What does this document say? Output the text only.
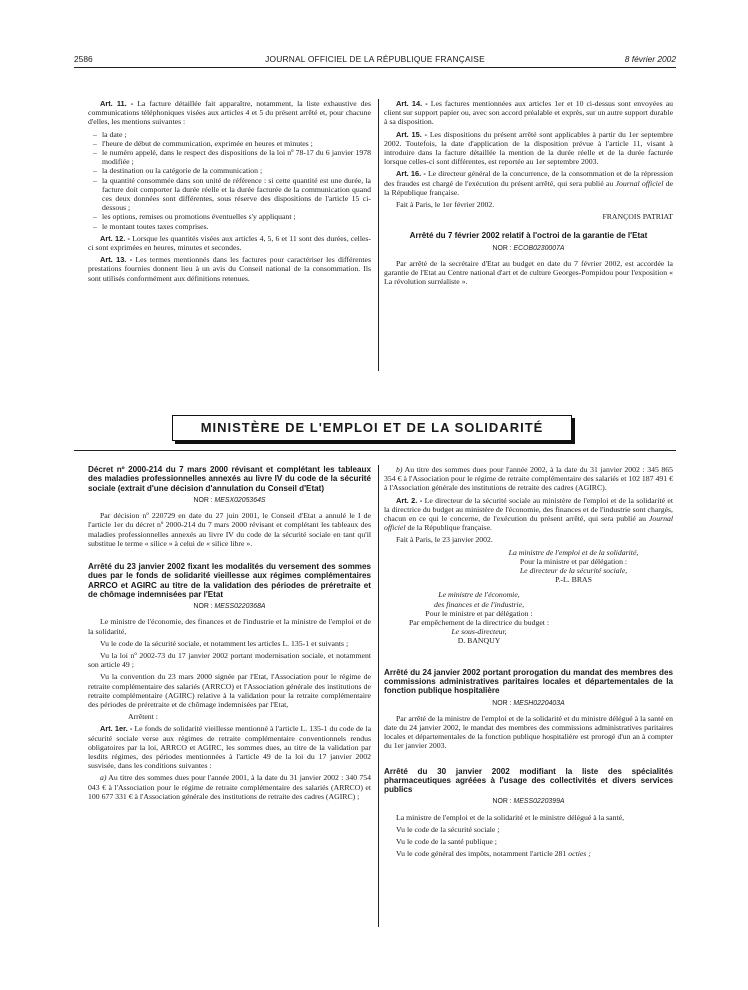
2586	JOURNAL OFFICIEL DE LA RÉPUBLIQUE FRANÇAISE	8 février 2002

Art. 11. - La facture détaillée fait apparaître, notamment, la liste exhaustive des communications téléphoniques visées aux articles 4 et 5 du présent arrêté et, pour chacune d'elles, les mentions suivantes :

– la date ;
– l'heure de début de communication, exprimée en heures et minutes ;
– le numéro appelé, dans le respect des dispositions de la loi nº 78-17 du 6 janvier 1978 modifiée ;
– la destination ou la catégorie de la communication ;
– la quantité consommée dans son unité de référence : si cette quantité est une durée, la facture doit comporter la durée réelle et la durée facturée de la communication quand ces deux données sont différentes, sous réserve des dispositions de l'article 15 ci-dessous ;
– les options, remises ou promotions éventuelles s'y appliquant ;
– le montant toutes taxes comprises.

Art. 12. - Lorsque les quantités visées aux articles 4, 5, 6 et 11 sont des durées, celles-ci sont exprimées en heures, minutes et secondes.

Art. 13. - Les termes mentionnés dans les factures pour caractériser les différentes prestations fournies donnent lieu à un avis du Conseil national de la consommation. Ils sont utilisés conformément aux définitions retenues.

Art. 14. - Les factures mentionnées aux articles 1er et 10 ci-dessus sont envoyées au client sur support papier ou, avec son accord préalable et exprès, sur un autre support durable à sa disposition.

Art. 15. - Les dispositions du présent arrêté sont applicables à partir du 1er septembre 2002. Toutefois, la date d'application de la disposition prévue à l'article 11, visant à introduire dans la facture détaillée la mention de la durée réelle et de la durée facturée lorsque celles-ci sont différentes, est reportée au 1er septembre 2003.

Art. 16. - Le directeur général de la concurrence, de la consommation et de la répression des fraudes est chargé de l'exécution du présent arrêté, qui sera publié au Journal officiel de la République française.

Fait à Paris, le 1er février 2002.

FRANÇOIS PATRIAT

Arrêté du 7 février 2002 relatif à l'octroi de la garantie de l'Etat
NOR : ECOB0230007A

Par arrêté de la secrétaire d'Etat au budget en date du 7 février 2002, est accordée la garantie de l'Etat au Centre national d'art et de culture Georges-Pompidou pour l'exposition « La révolution surréaliste ».

MINISTÈRE DE L'EMPLOI ET DE LA SOLIDARITÉ
Décret nº 2000-214 du 7 mars 2000 révisant et complétant les tableaux des maladies professionnelles annexés au livre IV du code de la sécurité sociale (extrait d'une décision d'annulation du Conseil d'Etat)
NOR : MESX0205364S

Par décision nº 220729 en date du 27 juin 2001, le Conseil d'Etat a annulé le I de l'article 1er du décret nº 2000-214 du 7 mars 2000 révisant et complétant les tableaux des maladies professionnelles annexés au livre IV du code de la sécurité sociale en tant qu'il substitue le terme « silice » à celui de « silice libre ».

Arrêté du 23 janvier 2002 fixant les modalités du versement des sommes dues par le fonds de solidarité vieillesse aux régimes complémentaires ARRCO et AGIRC au titre de la validation des périodes de préretraite et de chômage indemnisées par l'Etat
NOR : MESS0220368A

Le ministre de l'économie, des finances et de l'industrie et la ministre de l'emploi et de la solidarité,

Vu le code de la sécurité sociale, et notamment les articles L. 135-1 et suivants ;

Vu la loi nº 2002-73 du 17 janvier 2002 portant modernisation sociale, et notamment son article 49 ;

Vu la convention du 23 mars 2000 signée par l'Etat, l'Association pour le régime de retraite complémentaire des salariés (ARRCO) et l'Association générale des institutions de retraite complémentaire (AGIRC) relative à la validation pour la retraite complémentaire des périodes de préretraite et de chômage indemnisées par l'Etat,

Arrêtent :

Art. 1er. - Le fonds de solidarité vieillesse mentionné à l'article L. 135-1 du code de la sécurité sociale verse aux régimes de retraite complémentaire conventionnels rendus obligatoires par la loi, ARRCO et AGIRC, les sommes dues, au titre de la validation par lesdits régimes, des périodes mentionnées à l'article 49 de la loi du 17 janvier 2002 susvisée, dans les conditions suivantes :

a) Au titre des sommes dues pour l'année 2001, à la date du 31 janvier 2002 : 340 754 043 € à l'Association pour le régime de retraite complémentaire des salariés (ARRCO) et 100 677 331 € à l'Association générale des institutions de retraite des cadres (AGIRC) ;

b) Au titre des sommes dues pour l'année 2002, à la date du 31 janvier 2002 : 345 865 354 € à l'Association pour le régime de retraite complémentaire des salariés et 102 187 491 € à l'Association générale des institutions de retraite des cadres (AGIRC).

Art. 2. - Le directeur de la sécurité sociale au ministère de l'emploi et de la solidarité et la directrice du budget au ministère de l'économie, des finances et de l'industrie sont chargés, chacun en ce qui le concerne, de l'exécution du présent arrêté, qui sera publié au Journal officiel de la République française.

Fait à Paris, le 23 janvier 2002.

La ministre de l'emploi et de la solidarité,
Pour la ministre et par délégation :
Le directeur de la sécurité sociale,
P.-L. BRAS
Le ministre de l'économie,
des finances et de l'industrie,
Pour le ministre et par délégation :
Par empêchement de la directrice du budget :
Le sous-directeur,
D. BANQUY
Arrêté du 24 janvier 2002 portant prorogation du mandat des membres des commissions administratives paritaires locales et départementales de la fonction publique hospitalière
NOR : MESH0220403A

Par arrêté de la ministre de l'emploi et de la solidarité et du ministre délégué à la santé en date du 24 janvier 2002, le mandat des membres des commissions administratives paritaires locales et départementales de la fonction publique hospitalière est prorogé d'un an à compter du 1er janvier 2003.

Arrêté du 30 janvier 2002 modifiant la liste des spécialités pharmaceutiques agréées à l'usage des collectivités et divers services publics
NOR : MESS0220399A

La ministre de l'emploi et de la solidarité et le ministre délégué à la santé,

Vu le code de la sécurité sociale ;

Vu le code de la santé publique ;

Vu le code général des impôts, notamment l'article 281 octies ;
